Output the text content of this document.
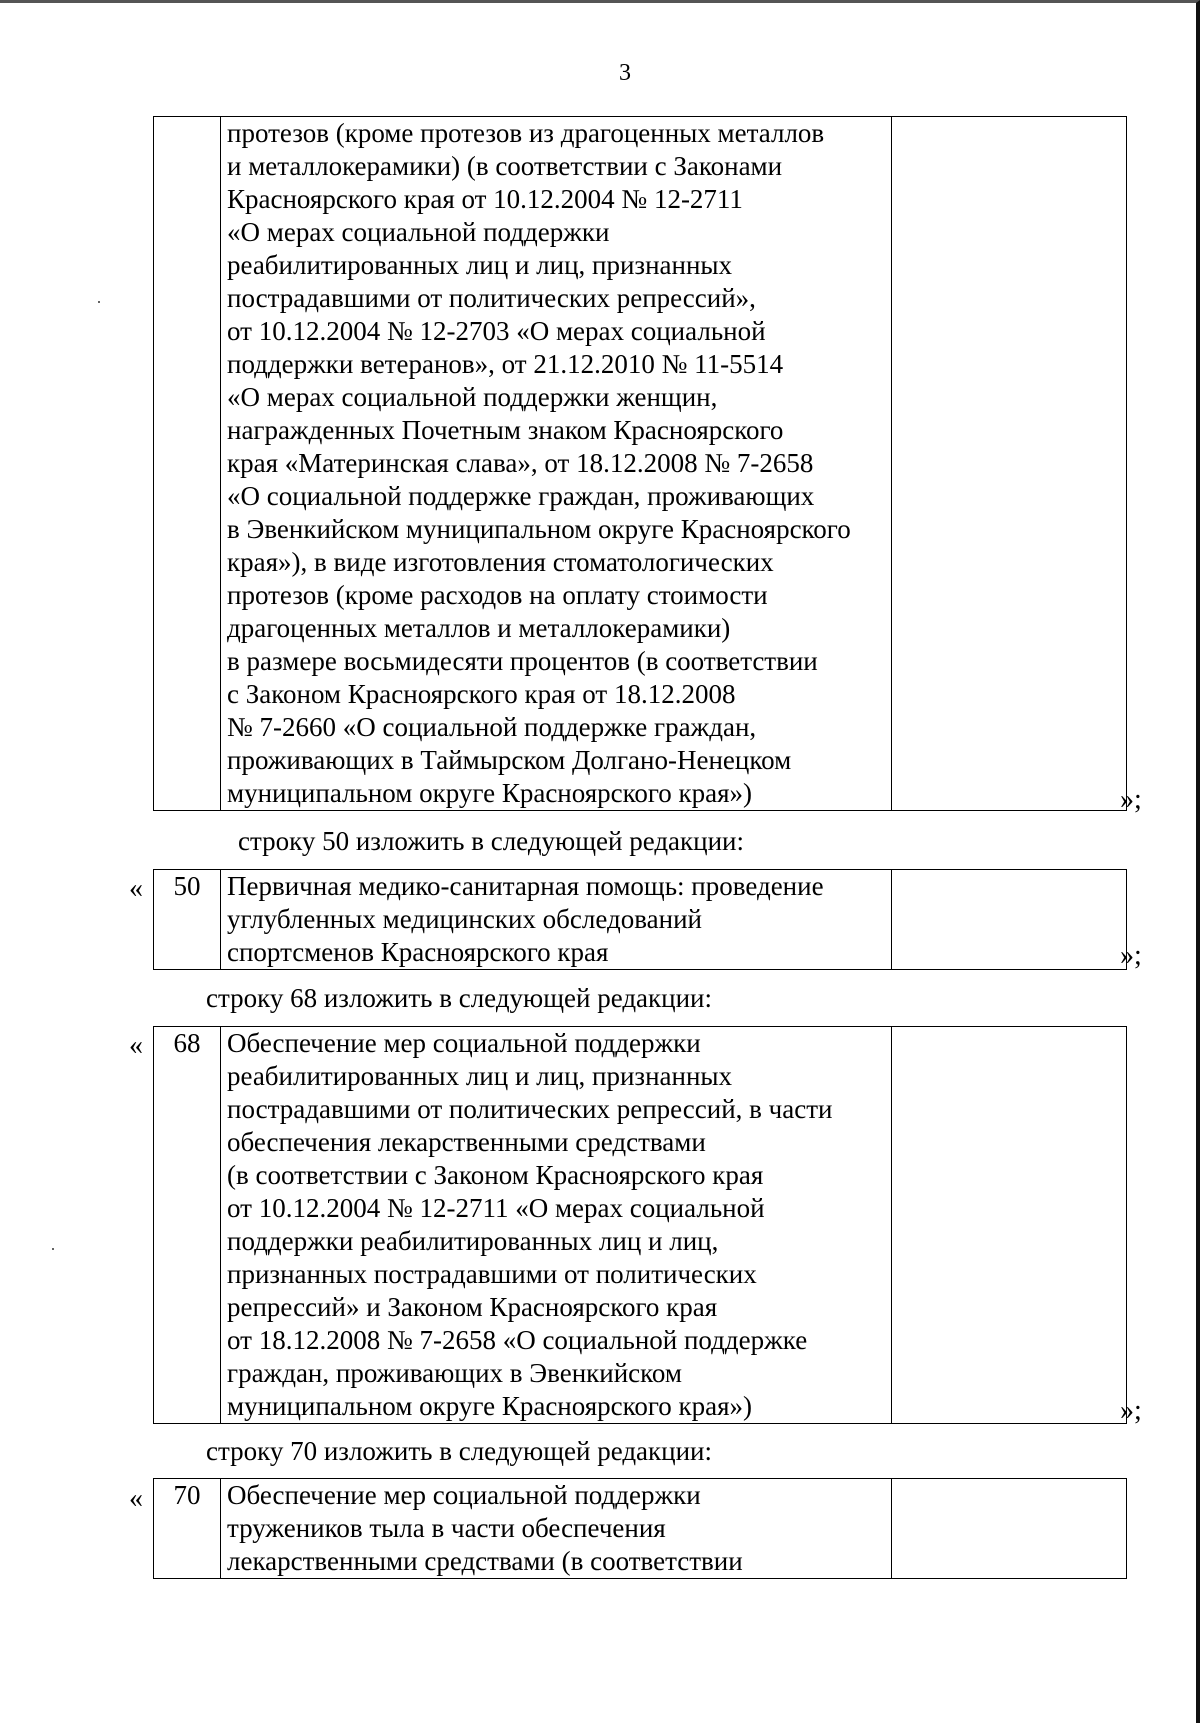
3
	протезов (кроме протезов из драгоценных металлов
и металлокерамики) (в соответствии с Законами
Красноярского края от 10.12.2004 № 12-2711
«О мерах социальной поддержки
реабилитированных лиц и лиц, признанных
пострадавшими от политических репрессий»,
от 10.12.2004 № 12-2703 «О мерах социальной
поддержки ветеранов», от 21.12.2010 № 11-5514
«О мерах социальной поддержки женщин,
награжденных Почетным знаком Красноярского
края «Материнская слава», от 18.12.2008 № 7-2658
«О социальной поддержке граждан, проживающих
в Эвенкийском муниципальном округе Красноярского
края»), в виде изготовления стоматологических
протезов (кроме расходов на оплату стоимости
драгоценных металлов и металлокерамики)
в размере восьмидесяти процентов (в соответствии
с Законом Красноярского края от 18.12.2008
№ 7-2660 «О социальной поддержке граждан,
проживающих в Таймырском Долгано-Ненецком
муниципальном округе Красноярского края»)		»;
строку 50 изложить в следующей редакции:
«	50	Первичная медико-санитарная помощь: проведение
углубленных медицинских обследований
спортсменов Красноярского края		»;
строку 68 изложить в следующей редакции:
«	68	Обеспечение мер социальной поддержки
реабилитированных лиц и лиц, признанных
пострадавшими от политических репрессий, в части
обеспечения лекарственными средствами
(в соответствии с Законом Красноярского края
от 10.12.2004 № 12-2711 «О мерах социальной
поддержки реабилитированных лиц и лиц,
признанных пострадавшими от политических
репрессий» и Законом Красноярского края
от 18.12.2008 № 7-2658 «О социальной поддержке
граждан, проживающих в Эвенкийском
муниципальном округе Красноярского края»)		»;
строку 70 изложить в следующей редакции:
«	70	Обеспечение мер социальной поддержки
тружеников тыла в части обеспечения
лекарственными средствами (в соответствии	
